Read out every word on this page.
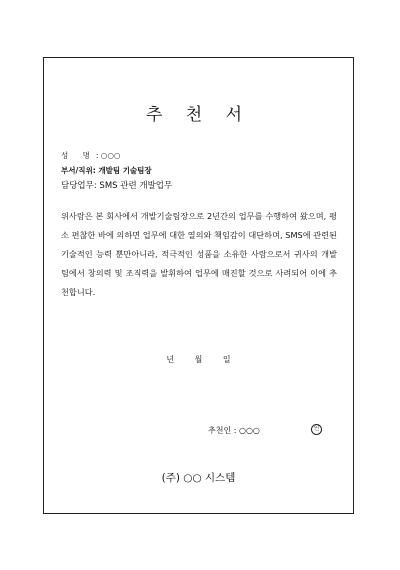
추 천 서
성 명: ○○○
부서/직위: 개발팀 기술팀장
담당업무: SMS 관련 개발업무
위사람은 본 회사에서 개발기술팀장으로 2년간의 업무를 수행하여 왔으며, 평소 편찮한 바에 의하면 업무에 대한 열의와 책임감이 대단하며, SMS에 관련된 기술적인 능력 뿐만아니라, 적극적인 성품을 소유한 사람으로서 귀사의 개발팀에서 창의력 및 조직력을 발휘하여 업무에 매진할 것으로 사려되어 이에 추천합니다.
년	월	일
추천인 : ○○○	인
(주) ○○ 시스템
